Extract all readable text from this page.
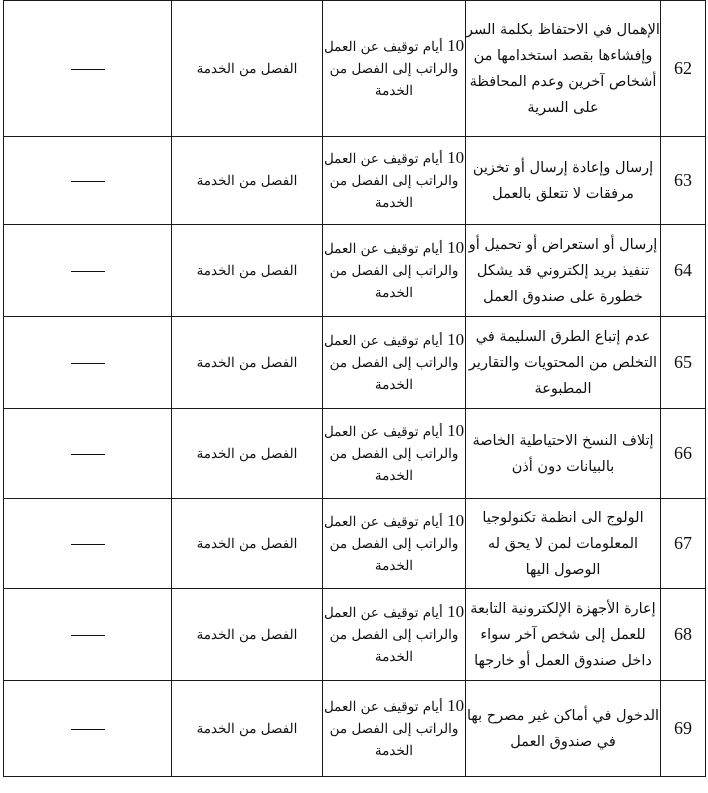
62	الإهمال في الاحتفاظ بكلمة السر وإفشاءها بقصد استخدامها من أشخاص آخرين وعدم المحافظة على السرية	10 أيام توقيف عن العمل والراتب إلى الفصل من الخدمة	الفصل من الخدمة	
63	إرسال وإعادة إرسال أو تخزين مرفقات لا تتعلق بالعمل	10 أيام توقيف عن العمل والراتب إلى الفصل من الخدمة	الفصل من الخدمة	
64	إرسال أو استعراض أو تحميل أو تنفيذ بريد إلكتروني قد يشكل خطورة على صندوق العمل	10 أيام توقيف عن العمل والراتب إلى الفصل من الخدمة	الفصل من الخدمة	
65	عدم إتباع الطرق السليمة في التخلص من المحتويات والتقارير المطبوعة	10 أيام توقيف عن العمل والراتب إلى الفصل من الخدمة	الفصل من الخدمة	
66	إتلاف النسخ الاحتياطية الخاصة بالبيانات دون أذن	10 أيام توقيف عن العمل والراتب إلى الفصل من الخدمة	الفصل من الخدمة	
67	الولوج الى انظمة تكنولوجيا المعلومات لمن لا يحق له الوصول اليها	10 أيام توقيف عن العمل والراتب إلى الفصل من الخدمة	الفصل من الخدمة	
68	إعارة الأجهزة الإلكترونية التابعة للعمل إلى شخص آخر سواء داخل صندوق العمل أو خارجها	10 أيام توقيف عن العمل والراتب إلى الفصل من الخدمة	الفصل من الخدمة	
69	الدخول في أماكن غير مصرح بها في صندوق العمل	10 أيام توقيف عن العمل والراتب إلى الفصل من الخدمة	الفصل من الخدمة	
